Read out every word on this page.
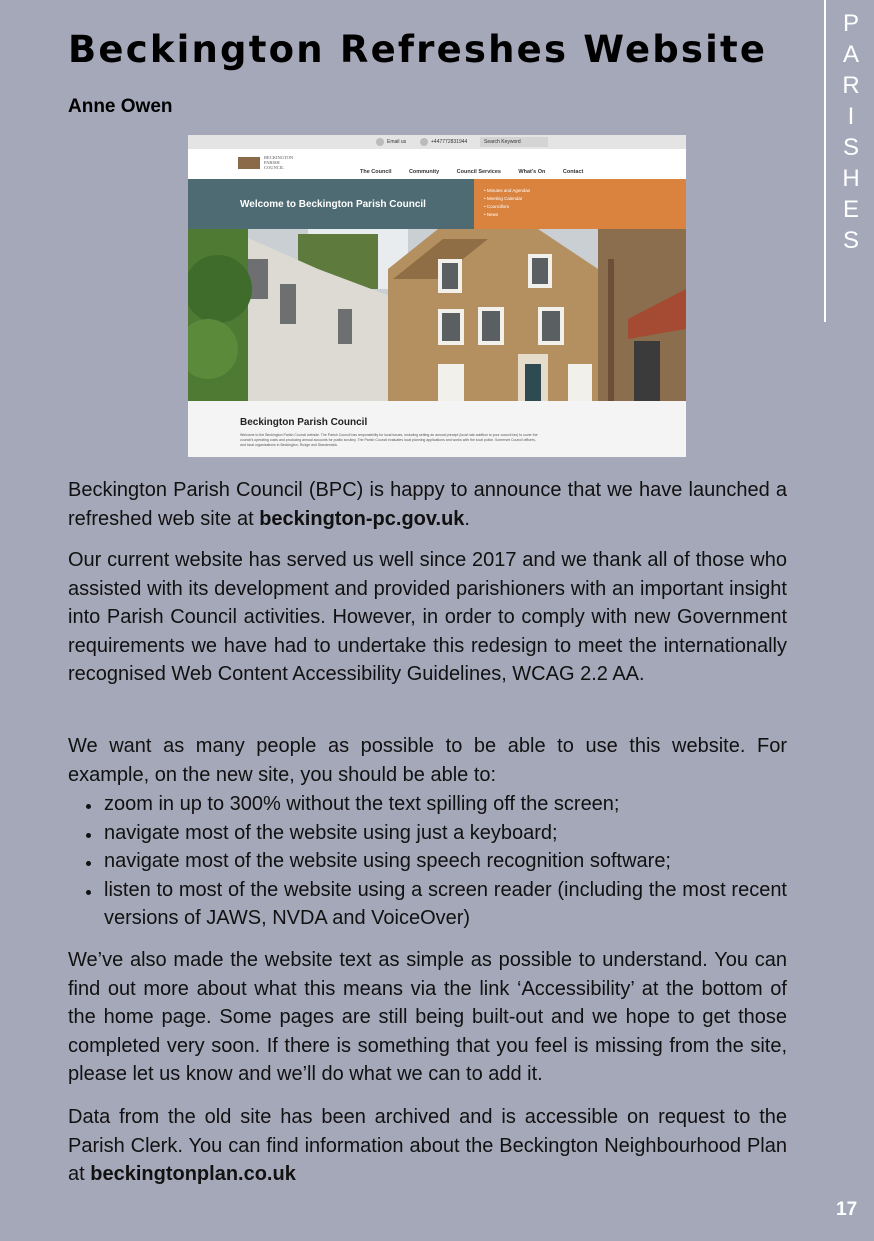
Beckington Refreshes Website
Anne Owen
P
A
R
I
S
H
E
S
Email us	+447772831944	Search Keyword
BECKINGTON
PARISH
COUNCIL
The Council	Community	Council Services	What's On	Contact
Welcome to Beckington Parish Council
• Minutes and Agendas
• Meeting Calendar
• Councillors
• News
Beckington Parish Council
Welcome to the Beckington Parish Council website. The Parish Council has responsibility for local issues, including setting an annual precept (local rate addition to your council tax) to cover the council's operating costs and producing annual accounts for public scrutiny. The Parish Council evaluates local planning applications and works with the local police, Somerset Council officers, and local organisations in Beckington, Rudge and Standerwick.

Beckington Parish Council (BPC) is happy to announce that we have launched a refreshed web site at beckington-pc.gov.uk.

Our current website has served us well since 2017 and we thank all of those who assisted with its development and provided parishioners with an important insight into Parish Council activities. However, in order to comply with new Government requirements we have had to undertake this redesign to meet the internationally recognised Web Content Accessibility Guidelines, WCAG 2.2 AA.

We want as many people as possible to be able to use this website. For example, on the new site, you should be able to:

zoom in up to 300% without the text spilling off the screen;
navigate most of the website using just a keyboard;
navigate most of the website using speech recognition software;
listen to most of the website using a screen reader (including the most recent versions of JAWS, NVDA and VoiceOver)

We’ve also made the website text as simple as possible to understand. You can find out more about what this means via the link ‘Accessibility’ at the bottom of the home page. Some pages are still being built-out and we hope to get those completed very soon. If there is something that you feel is missing from the site, please let us know and we’ll do what we can to add it.

Data from the old site has been archived and is accessible on request to the Parish Clerk. You can find information about the Beckington Neighbourhood Plan at beckingtonplan.co.uk

17
